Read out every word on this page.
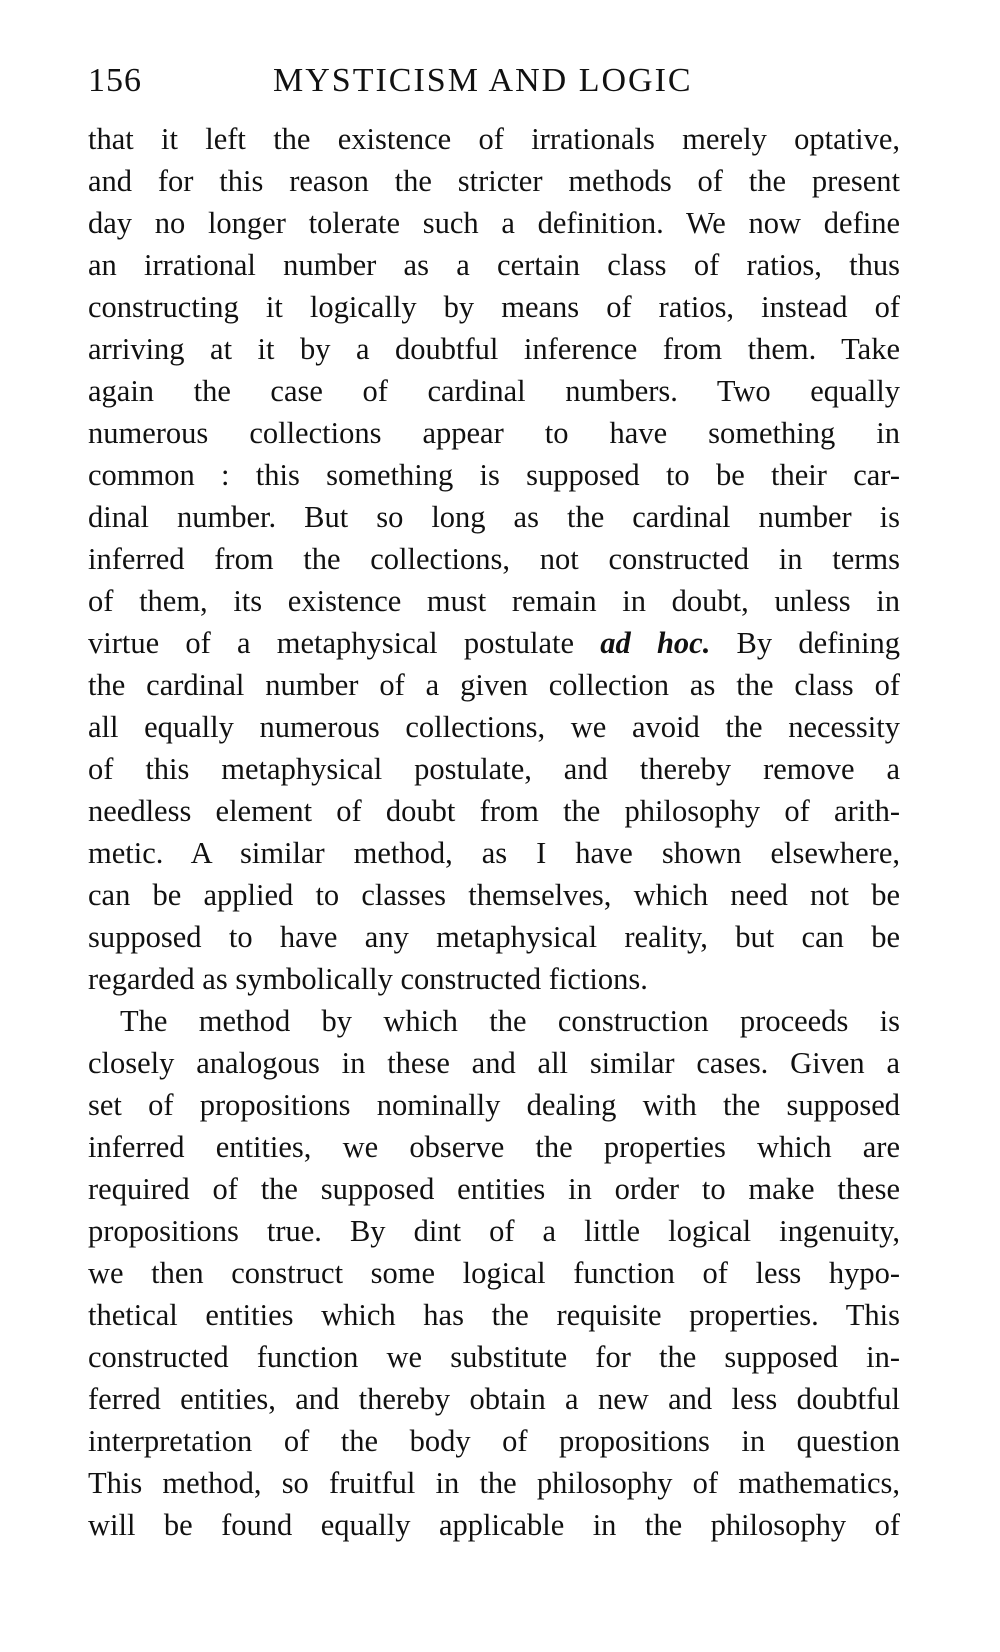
156	MYSTICISM AND LOGIC
that it left the existence of irrationals merely optative,
and for this reason the stricter methods of the present
day no longer tolerate such a definition. We now define
an irrational number as a certain class of ratios, thus
constructing it logically by means of ratios, instead of
arriving at it by a doubtful inference from them. Take
again the case of cardinal numbers. Two equally
numerous collections appear to have something in
common : this something is supposed to be their car-
dinal number. But so long as the cardinal number is
inferred from the collections, not constructed in terms
of them, its existence must remain in doubt, unless in
virtue of a metaphysical postulate ad hoc. By defining
the cardinal number of a given collection as the class of
all equally numerous collections, we avoid the necessity
of this metaphysical postulate, and thereby remove a
needless element of doubt from the philosophy of arith-
metic. A similar method, as I have shown elsewhere,
can be applied to classes themselves, which need not be
supposed to have any metaphysical reality, but can be
regarded as symbolically constructed fictions.
The method by which the construction proceeds is
closely analogous in these and all similar cases. Given a
set of propositions nominally dealing with the supposed
inferred entities, we observe the properties which are
required of the supposed entities in order to make these
propositions true. By dint of a little logical ingenuity,
we then construct some logical function of less hypo-
thetical entities which has the requisite properties. This
constructed function we substitute for the supposed in-
ferred entities, and thereby obtain a new and less doubtful
interpretation of the body of propositions in question
This method, so fruitful in the philosophy of mathematics,
will be found equally applicable in the philosophy of
